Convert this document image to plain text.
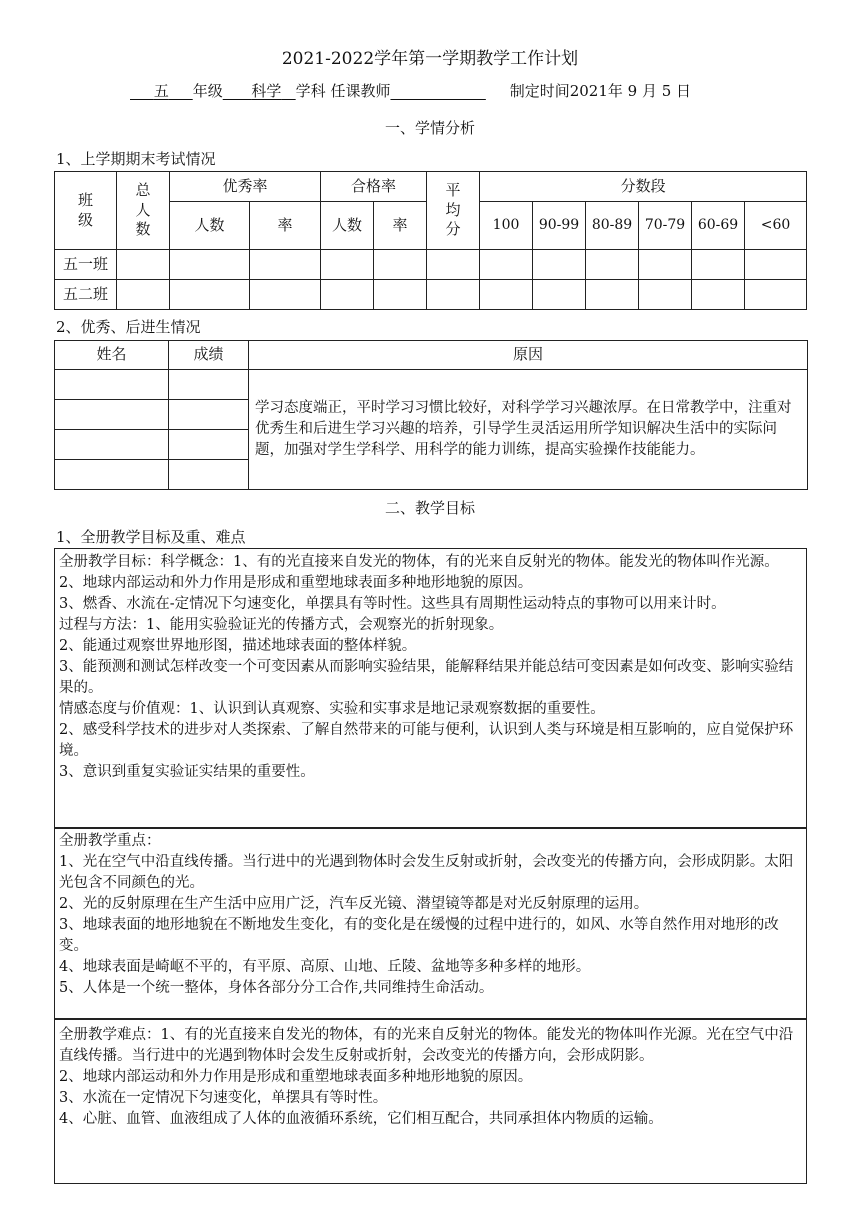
2021-2022学年第一学期教学工作计划
五 年级 科学 学科 任课教师	制定时间2021年 9 月 5 日
一、学情分析
1、上学期期末考试情况
班级	总人数	优秀率		合格率		平均分	分数段					
		人数	率	人数	率		100	90-99	80-89	70-79	60-69	<60
五一班												
五二班												
2、优秀、后进生情况
姓名	成绩	原因
		学习态度端正，平时学习习惯比较好，对科学学习兴趣浓厚。在日常教学中，注重对优秀生和后进生学习兴趣的培养，引导学生灵活运用所学知识解决生活中的实际问题，加强对学生学科学、用科学的能力训练，提高实验操作技能能力。

二、教学目标
1、全册教学目标及重、难点

全册教学目标：科学概念：1、有的光直接来自发光的物体，有的光来自反射光的物体。能发光的物体叫作光源。

2、地球内部运动和外力作用是形成和重塑地球表面多种地形地貌的原因。

3、燃香、水流在-定情况下匀速变化，单摆具有等时性。这些具有周期性运动特点的事物可以用来计时。

过程与方法：1、能用实验验证光的传播方式，会观察光的折射现象。

2、能通过观察世界地形图，描述地球表面的整体样貌。

3、能预测和测试怎样改变一个可变因素从而影响实验结果，能解释结果并能总结可变因素是如何改变、影响实验结果的。

情感态度与价值观：1、认识到认真观察、实验和实事求是地记录观察数据的重要性。

2、感受科学技术的进步对人类探索、了解自然带来的可能与便利，认识到人类与环境是相互影响的，应自觉保护环境。

3、意识到重复实验证实结果的重要性。

全册教学重点：

1、光在空气中沿直线传播。当行进中的光遇到物体时会发生反射或折射，会改变光的传播方向，会形成阴影。太阳光包含不同颜色的光。

2、光的反射原理在生产生活中应用广泛，汽车反光镜、潜望镜等都是对光反射原理的运用。

3、地球表面的地形地貌在不断地发生变化，有的变化是在缓慢的过程中进行的，如风、水等自然作用对地形的改变。

4、地球表面是崎岖不平的，有平原、高原、山地、丘陵、盆地等多种多样的地形。

5、人体是一个统一整体，身体各部分分工合作,共同维持生命活动。

全册教学难点：1、有的光直接来自发光的物体，有的光来自反射光的物体。能发光的物体叫作光源。光在空气中沿直线传播。当行进中的光遇到物体时会发生反射或折射，会改变光的传播方向，会形成阴影。

2、地球内部运动和外力作用是形成和重塑地球表面多种地形地貌的原因。

3、水流在一定情况下匀速变化，单摆具有等时性。

4、心脏、血管、血液组成了人体的血液循环系统，它们相互配合，共同承担体内物质的运输。
